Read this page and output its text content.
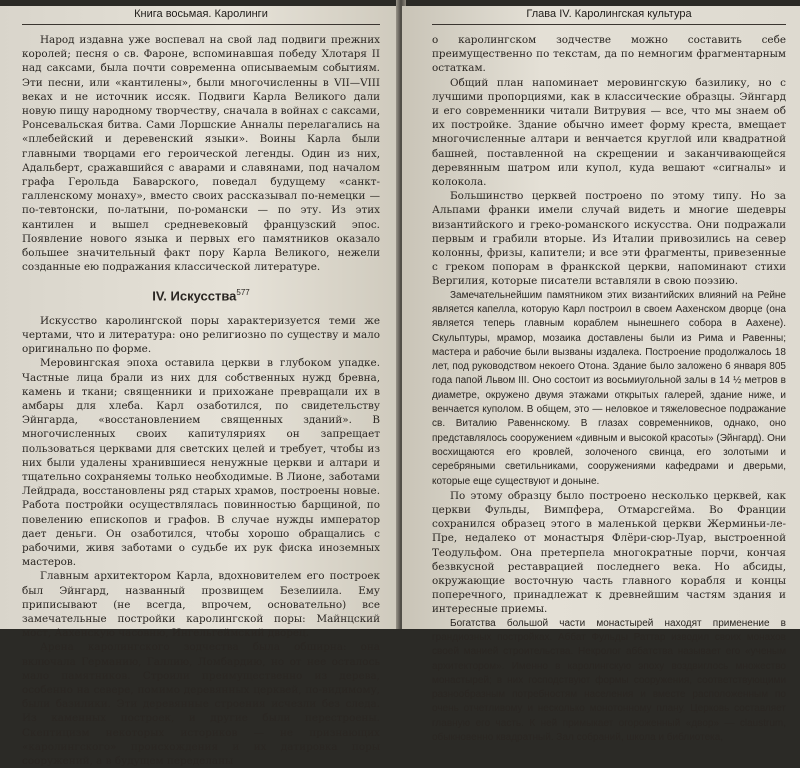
Книга восьмая. Каролинги

Народ издавна уже воспевал на свой лад подвиги прежних королей; песня о св. Фароне, вспоминавшая победу Хлотаря II над саксами, была почти современна описываемым событиям. Эти песни, или «кантилены», были многочисленны в VII—VIII веках и не источник иссяк. Подвиги Карла Великого дали новую пищу народному творчеству, сначала в войнах с саксами, Ронсевальская битва. Сами Лоршские Анналы перелагались на «плебейский и деревенский языки». Воины Карла были главными творцами его героической легенды. Один из них, Адальберт, сражавшийся с аварами и славянами, под началом графа Герольда Баварского, поведал будущему «санкт-галленскому монаху», вместо своих рассказывал по-немецки — по-тевтонски, по-латыни, по-романски — по эту. Из этих кантилен и вышел средневековый французский эпос. Появление нового языка и первых его памятников оказало большее значительный факт пору Карла Великого, нежели созданные ею подражания классической литературе.

IV. Искусства$^{577}$

Искусство каролингской поры характеризуется теми же чертами, что и литература: оно религиозно по существу и мало оригинально по форме.

Меровингская эпоха оставила церкви в глубоком упадке. Частные лица брали из них для собственных нужд бревна, камень и ткани; священники и прихожане превращали их в амбары для хлеба. Карл озаботился, по свидетельству Эйнгарда, «восстановлением священных зданий». В многочисленных своих капитуляриях он запрещает пользоваться церквами для светских целей и требует, чтобы из них были удалены хранившиеся ненужные церкви и алтари и тщательно сохраняемы только необходимые. В Лионе, заботами Лейдрада, восстановлены ряд старых храмов, построены новые. Работа постройки осуществлялась повинностью барщиной, по повелению епископов и графов. В случае нужды император дает деньги. Он озаботился, чтобы хорошо обращались с рабочими, живя заботами о судьбе их рук фиска иноземных мастеров.

Главным архитектором Карла, вдохновителем его построек был Эйнгард, названный прозвищем Безелиила. Ему приписывают (не всегда, впрочем, основательно) все замечательные постройки каролингской поры: Майнцский мост, Аахенскую часовню, Ингельгеймский дворец.

Арена каролингского зодчества была обширна: она включала Германию, Галлию, Ломбардию, но от нее осталось мало памятников. Строили преимущественно из дерева, особенно на севере, помимо деревянных церквей, по-видимому, были базилики. Эти деревянные строения исчезли без следа. Из каменных построек, и другие были перестроены. Скептицизм некоторых историков — не признающих «каролингского» происхождения и их датировка поры сооружений, а в будущем переделаны

Глава IV. Каролингская культура

о каролингском зодчестве можно составить себе преимущественно по текстам, да по немногим фрагментарным остаткам.

Общий план напоминает меровингскую базилику, но с лучшими пропорциями, как в классические образцы. Эйнгард и его современники читали Витрувия — все, что мы знаем об их постройке. Здание обычно имеет форму креста, вмещает многочисленные алтари и венчается круглой или квадратной башней, поставленной на скрещении и заканчивающейся деревянным шатром или купол, куда вешают «сигналы» и колокола.

Большинство церквей построено по этому типу. Но за Альпами франки имели случай видеть и многие шедевры византийского и греко-романского искусства. Они подражали первым и грабили вторые. Из Италии привозились на север колонны, фризы, капители; и все эти фрагменты, привезенные с греком попорам в франкской церкви, напоминают стихи Вергилия, которые писатели вставляли в свою поэзию.

Замечательнейшим памятником этих византийских влияний на Рейне является капелла, которую Карл построил в своем Аахенском дворце (она является теперь главным кораблем нынешнего собора в Аахене). Скульптуры, мрамор, мозаика доставлены были из Рима и Равенны; мастера и рабочие были вызваны издалека. Построение продолжалось 18 лет, под руководством некоего Отона. Здание было заложено 6 января 805 года папой Львом III. Оно состоит из восьмиугольной залы в 14 ½ метров в диаметре, окружено двумя этажами открытых галерей, здание ниже, и венчается куполом. В общем, это — неловкое и тяжеловесное подражание св. Виталию Равеннскому. В глазах современников, однако, оно представлялось сооружением «дивным и высокой красоты» (Эйнгард). Они восхищаются его кровлей, золоченого свинца, его золотыми и серебряными светильниками, сооружениями кафедрами и дверьми, которые еще существуют и доныне.

По этому образцу было построено несколько церквей, как церкви Фульды, Вимпфера, Отмарсгейма. Во Франции сохранился образец этого в маленькой церкви Жерминьи-ле-Пре, недалеко от монастыря Флёри-сюр-Луар, выстроенной Теодульфом. Она претерпела многократные порчи, кончая безвкусной реставрацией последнего века. Но абсиды, окружающие восточную часть главного корабля и концы поперечного, принадлежат к древнейшим частям здания и интересные приемы.

Богатства большой части монастырей находят применение в грандиозных постройках. Аббат Фульды Раттар изводил своих монахов своей манией строительства. Некролог аббатства называет его «ученым архитектором». Именно в каролингскую эпоху воздвиглось множество монастырей; в них господствуют формы сооружения, соответствующими разнообразным потребностям населения и вместе расположенным по очень отчетливому и несколько монотонному плану. Церковь составляет главную его часть. К ней примыкает огороженный «двор» — claustrum, обыкновенно квадратный. Зал собраний, школа и библиотека,
